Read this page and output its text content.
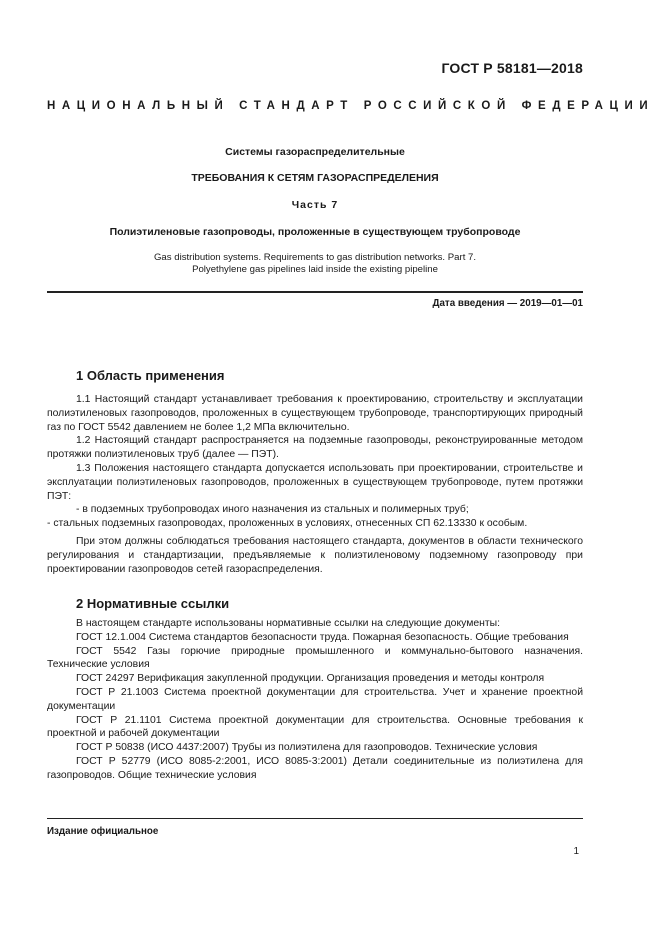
ГОСТ Р 58181—2018
НАЦИОНАЛЬНЫЙ СТАНДАРТ РОССИЙСКОЙ ФЕДЕРАЦИИ
Системы газораспределительные
ТРЕБОВАНИЯ К СЕТЯМ ГАЗОРАСПРЕДЕЛЕНИЯ
Часть 7
Полиэтиленовые газопроводы, проложенные в существующем трубопроводе
Gas distribution systems. Requirements to gas distribution networks. Part 7.
Polyethylene gas pipelines laid inside the existing pipeline
Дата введения — 2019—01—01
1 Область применения

1.1 Настоящий стандарт устанавливает требования к проектированию, строительству и эксплуатации полиэтиленовых газопроводов, проложенных в существующем трубопроводе, транспортирующих природный газ по ГОСТ 5542 давлением не более 1,2 МПа включительно.

1.2 Настоящий стандарт распространяется на подземные газопроводы, реконструированные методом протяжки полиэтиленовых труб (далее — ПЭТ).

1.3 Положения настоящего стандарта допускается использовать при проектировании, строительстве и эксплуатации полиэтиленовых газопроводов, проложенных в существующем трубопроводе, путем протяжки ПЭТ:

- в подземных трубопроводах иного назначения из стальных и полимерных труб;

- стальных подземных газопроводах, проложенных в условиях, отнесенных СП 62.13330 к особым.

При этом должны соблюдаться требования настоящего стандарта, документов в области технического регулирования и стандартизации, предъявляемые к полиэтиленовому подземному газопроводу при проектировании газопроводов сетей газораспределения.

2 Нормативные ссылки

В настоящем стандарте использованы нормативные ссылки на следующие документы:

ГОСТ 12.1.004 Система стандартов безопасности труда. Пожарная безопасность. Общие требования

ГОСТ 5542 Газы горючие природные промышленного и коммунально-бытового назначения. Технические условия

ГОСТ 24297 Верификация закупленной продукции. Организация проведения и методы контроля

ГОСТ Р 21.1003 Система проектной документации для строительства. Учет и хранение проектной документации

ГОСТ Р 21.1101 Система проектной документации для строительства. Основные требования к проектной и рабочей документации

ГОСТ Р 50838 (ИСО 4437:2007) Трубы из полиэтилена для газопроводов. Технические условия

ГОСТ Р 52779 (ИСО 8085-2:2001, ИСО 8085-3:2001) Детали соединительные из полиэтилена для газопроводов. Общие технические условия

Издание официальное
1
